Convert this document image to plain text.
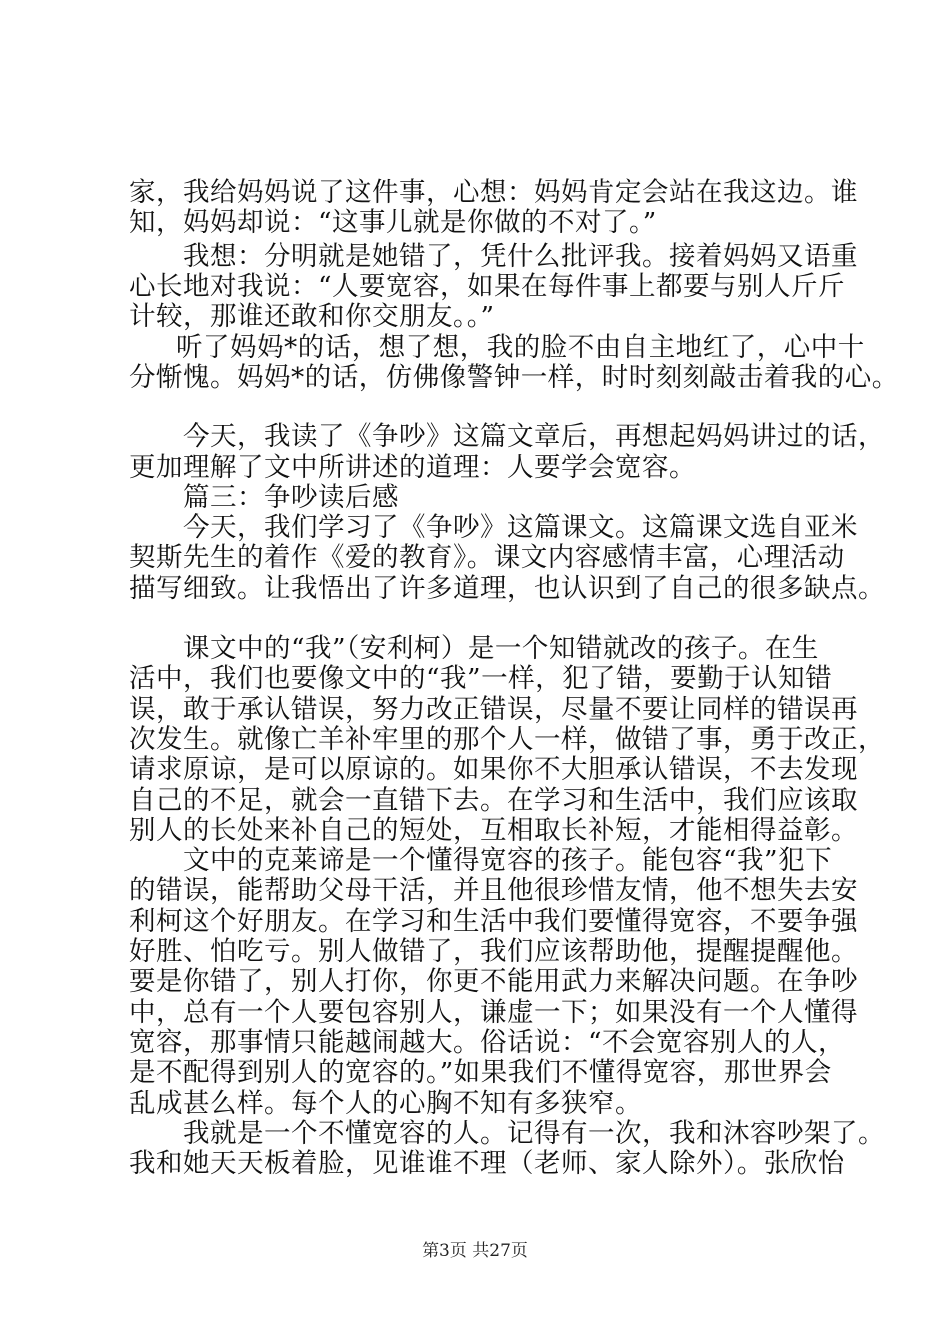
家，我给妈妈说了这件事，心想：妈妈肯定会站在我这边。谁
知，妈妈却说：“这事儿就是你做的不对了。”
我想：分明就是她错了，凭什么批评我。接着妈妈又语重
心长地对我说：“人要宽容，如果在每件事上都要与别人斤斤
计较，那谁还敢和你交朋友。。”
听了妈妈*的话，想了想，我的脸不由自主地红了，心中十
分惭愧。妈妈*的话，仿佛像警钟一样，时时刻刻敲击着我的心。
今天，我读了《争吵》这篇文章后，再想起妈妈讲过的话，
更加理解了文中所讲述的道理：人要学会宽容。
篇三：争吵读后感
今天，我们学习了《争吵》这篇课文。这篇课文选自亚米
契斯先生的着作《爱的教育》。课文内容感情丰富，心理活动
描写细致。让我悟出了许多道理，也认识到了自己的很多缺点。
课文中的“我”（安利柯）是一个知错就改的孩子。在生
活中，我们也要像文中的“我”一样，犯了错，要勤于认知错
误，敢于承认错误，努力改正错误，尽量不要让同样的错误再
次发生。就像亡羊补牢里的那个人一样，做错了事，勇于改正，
请求原谅，是可以原谅的。如果你不大胆承认错误，不去发现
自己的不足，就会一直错下去。在学习和生活中，我们应该取
别人的长处来补自己的短处，互相取长补短，才能相得益彰。
文中的克莱谛是一个懂得宽容的孩子。能包容“我”犯下
的错误，能帮助父母干活，并且他很珍惜友情，他不想失去安
利柯这个好朋友。在学习和生活中我们要懂得宽容，不要争强
好胜、怕吃亏。别人做错了，我们应该帮助他，提醒提醒他。
要是你错了，别人打你，你更不能用武力来解决问题。在争吵
中，总有一个人要包容别人，谦虚一下；如果没有一个人懂得
宽容，那事情只能越闹越大。俗话说：“不会宽容别人的人，
是不配得到别人的宽容的。”如果我们不懂得宽容，那世界会
乱成甚么样。每个人的心胸不知有多狭窄。
我就是一个不懂宽容的人。记得有一次，我和沐容吵架了。
我和她天天板着脸，见谁谁不理（老师、家人除外）。张欣怡
第3页 共27页
